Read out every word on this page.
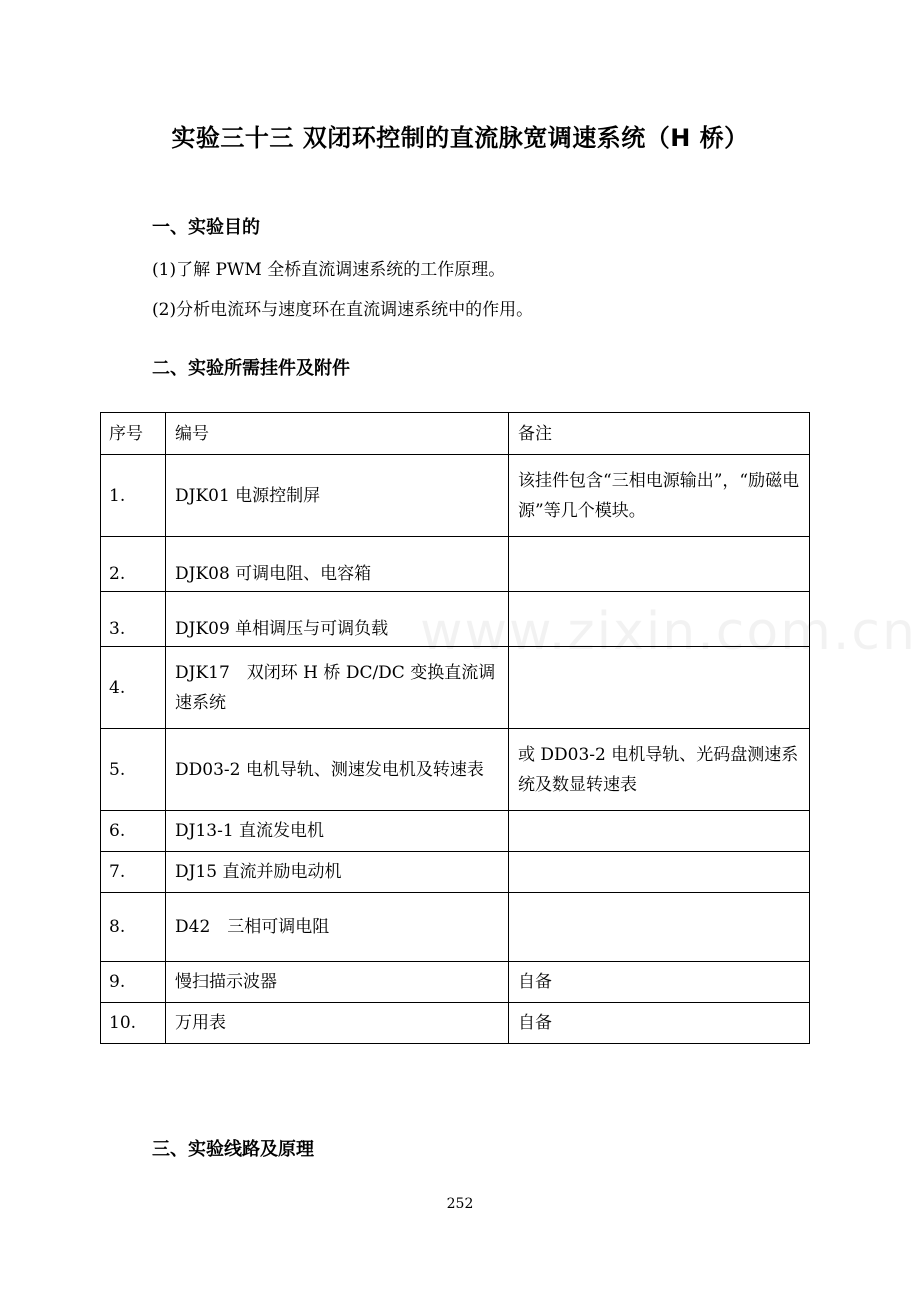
实验三十三 双闭环控制的直流脉宽调速系统（H 桥）
一、实验目的
(1)了解 PWM 全桥直流调速系统的工作原理。
(2)分析电流环与速度环在直流调速系统中的作用。
二、实验所需挂件及附件
序号	编号	备注
1.	DJK01 电源控制屏	该挂件包含“三相电源输出”，“励磁电源”等几个模块。
2.	DJK08 可调电阻、电容箱	
3.	DJK09 单相调压与可调负载	
4.	DJK17　双闭环 H 桥 DC/DC 变换直流调速系统	
5.	DD03-2 电机导轨、测速发电机及转速表	或 DD03-2 电机导轨、光码盘测速系统及数显转速表
6.	DJ13-1 直流发电机	
7.	DJ15 直流并励电动机	
8.	D42　三相可调电阻	
9.	慢扫描示波器	自备
10.	万用表	自备
www.zixin.com.cn
三、实验线路及原理
252
